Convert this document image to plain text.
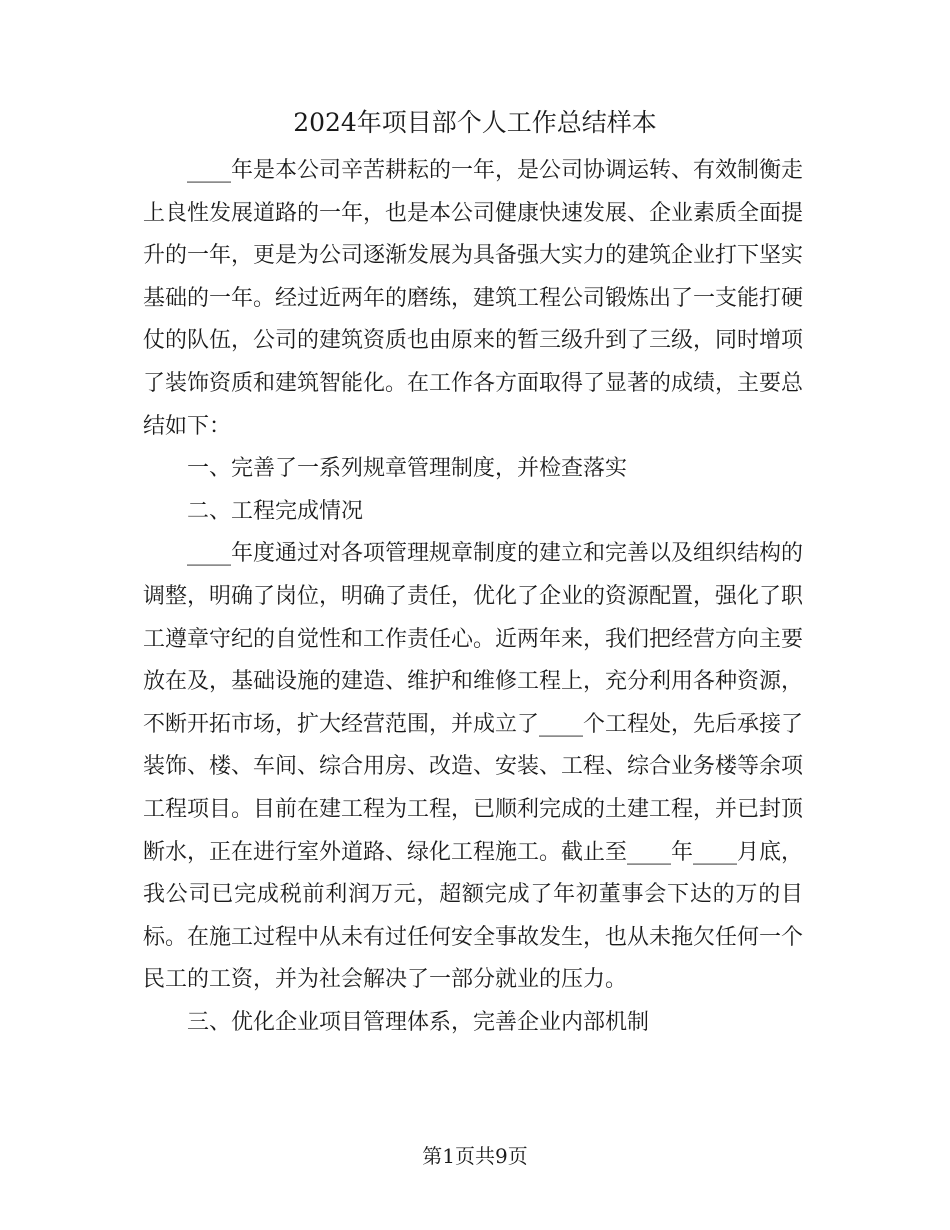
2024年项目部个人工作总结样本

____年是本公司辛苦耕耘的一年，是公司协调运转、有效制衡走上良性发展道路的一年，也是本公司健康快速发展、企业素质全面提升的一年，更是为公司逐渐发展为具备强大实力的建筑企业打下坚实基础的一年。经过近两年的磨练，建筑工程公司锻炼出了一支能打硬仗的队伍，公司的建筑资质也由原来的暂三级升到了三级，同时增项了装饰资质和建筑智能化。在工作各方面取得了显著的成绩，主要总结如下：

一、完善了一系列规章管理制度，并检查落实

二、工程完成情况

____年度通过对各项管理规章制度的建立和完善以及组织结构的调整，明确了岗位，明确了责任，优化了企业的资源配置，强化了职工遵章守纪的自觉性和工作责任心。近两年来，我们把经营方向主要放在及，基础设施的建造、维护和维修工程上，充分利用各种资源，不断开拓市场，扩大经营范围，并成立了____个工程处，先后承接了装饰、楼、车间、综合用房、改造、安装、工程、综合业务楼等余项工程项目。目前在建工程为工程，已顺利完成的土建工程，并已封顶断水，正在进行室外道路、绿化工程施工。截止至____年____月底，我公司已完成税前利润万元，超额完成了年初董事会下达的万的目标。在施工过程中从未有过任何安全事故发生，也从未拖欠任何一个民工的工资，并为社会解决了一部分就业的压力。

三、优化企业项目管理体系，完善企业内部机制

第1页共9页
